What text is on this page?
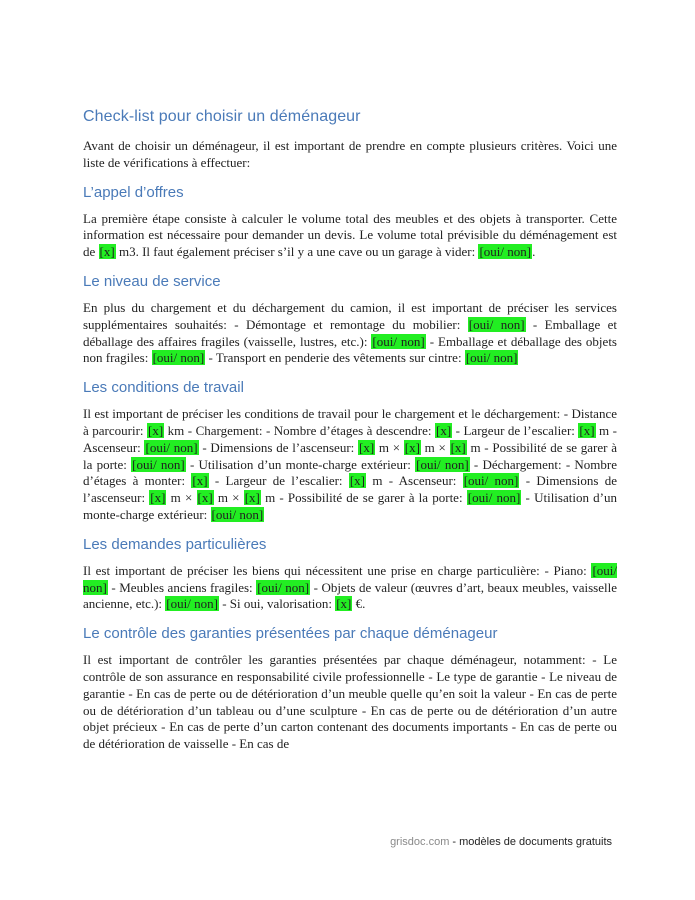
Check-list pour choisir un déménageur

Avant de choisir un déménageur, il est important de prendre en compte plusieurs critères. Voici une liste de vérifications à effectuer:

L’appel d’offres

La première étape consiste à calculer le volume total des meubles et des objets à transporter. Cette information est nécessaire pour demander un devis. Le volume total prévisible du déménagement est de [x] m3. Il faut également préciser s’il y a une cave ou un garage à vider: [oui/ non].

Le niveau de service

En plus du chargement et du déchargement du camion, il est important de préciser les services supplémentaires souhaités: - Démontage et remontage du mobilier: [oui/ non] - Emballage et déballage des affaires fragiles (vaisselle, lustres, etc.): [oui/ non] - Emballage et déballage des objets non fragiles: [oui/ non] - Transport en penderie des vêtements sur cintre: [oui/ non]

Les conditions de travail

Il est important de préciser les conditions de travail pour le chargement et le déchargement: - Distance à parcourir: [x] km - Chargement: - Nombre d’étages à descendre: [x] - Largeur de l’escalier: [x] m - Ascenseur: [oui/ non] - Dimensions de l’ascenseur: [x] m × [x] m × [x] m - Possibilité de se garer à la porte: [oui/ non] - Utilisation d’un monte-charge extérieur: [oui/ non] - Déchargement: - Nombre d’étages à monter: [x] - Largeur de l’escalier: [x] m - Ascenseur: [oui/ non] - Dimensions de l’ascenseur: [x] m × [x] m × [x] m - Possibilité de se garer à la porte: [oui/ non] - Utilisation d’un monte-charge extérieur: [oui/ non]

Les demandes particulières

Il est important de préciser les biens qui nécessitent une prise en charge particulière: - Piano: [oui/ non] - Meubles anciens fragiles: [oui/ non] - Objets de valeur (œuvres d’art, beaux meubles, vaisselle ancienne, etc.): [oui/ non] - Si oui, valorisation: [x] €.

Le contrôle des garanties présentées par chaque déménageur

Il est important de contrôler les garanties présentées par chaque déménageur, notamment: - Le contrôle de son assurance en responsabilité civile professionnelle - Le type de garantie - Le niveau de garantie - En cas de perte ou de détérioration d’un meuble quelle qu’en soit la valeur - En cas de perte ou de détérioration d’un tableau ou d’une sculpture - En cas de perte ou de détérioration d’un autre objet précieux - En cas de perte d’un carton contenant des documents importants - En cas de perte ou de détérioration de vaisselle - En cas de

grisdoc.com - modèles de documents gratuits
